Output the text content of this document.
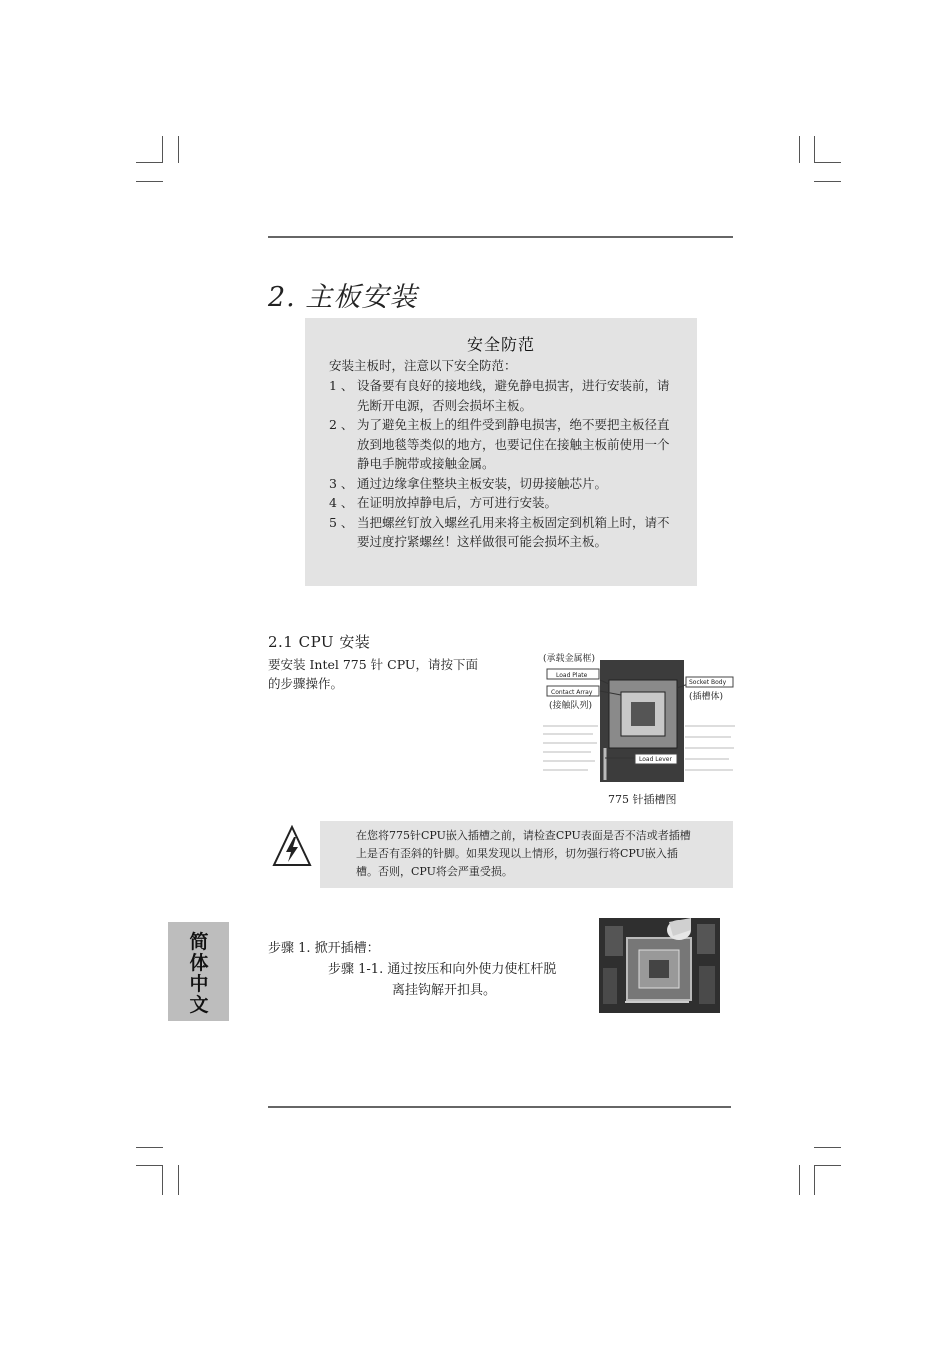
2. 主板安装
安全防范
安装主板时，注意以下安全防范：
1 、 设备要有良好的接地线，避免静电损害，进行安装前，请先断开电源，否则会损坏主板。
2 、 为了避免主板上的组件受到静电损害，绝不要把主板径直放到地毯等类似的地方，也要记住在接触主板前使用一个静电手腕带或接触金属。
3 、 通过边缘拿住整块主板安装，切毋接触芯片。
4 、 在证明放掉静电后，方可进行安装。
5 、 当把螺丝钉放入螺丝孔用来将主板固定到机箱上时，请不要过度拧紧螺丝！这样做很可能会损坏主板。
2.1 CPU 安装
要安装 Intel 775 针 CPU，请按下面的步骤操作。
(承载金属框)
Load Plate
Contact Array
(接触队列)
Socket Body
(插槽体)
Load Lever
775 针插槽图
在您将775针CPU嵌入插槽之前，请检查CPU表面是否不洁或者插槽上是否有歪斜的针脚。如果发现以上情形，切勿强行将CPU嵌入插槽。否则，CPU将会严重受损。
简体中文
步骤 1. 掀开插槽：
步骤 1-1. 通过按压和向外使力使杠杆脱
离挂钩解开扣具。
